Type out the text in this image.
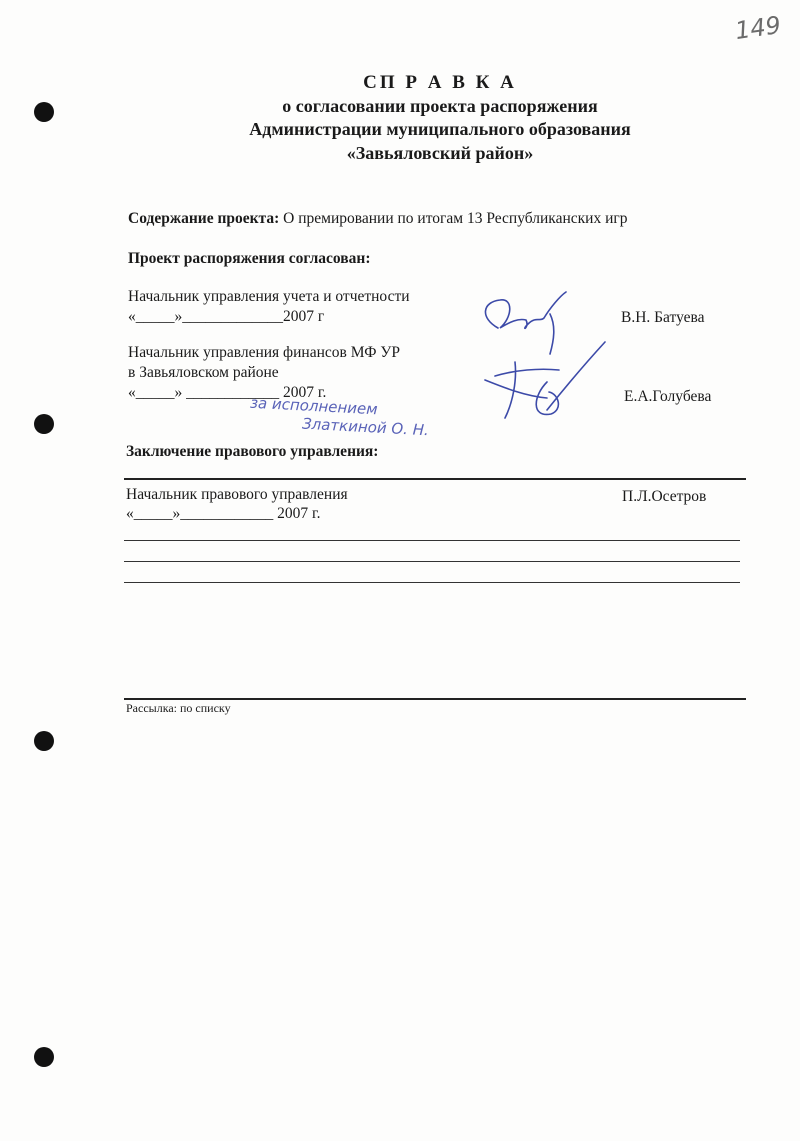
149
СП Р А В К А
о согласовании проекта распоряжения
Администрации муниципального образования
«Завьяловский район»
Содержание проекта: О премировании по итогам 13 Республиканских игр
Проект распоряжения согласован:
Начальник управления учета и отчетности
«_____»_____________2007 г	В.Н. Батуева
Начальник управления финансов МФ УР
в Завьяловском районе
«_____» ____________ 2007 г.	Е.А.Голубева
за исполнением
Златкиной О. Н.
Заключение правового управления:
Начальник правового управления	П.Л.Осетров
«_____»____________ 2007 г.
Рассылка: по списку
